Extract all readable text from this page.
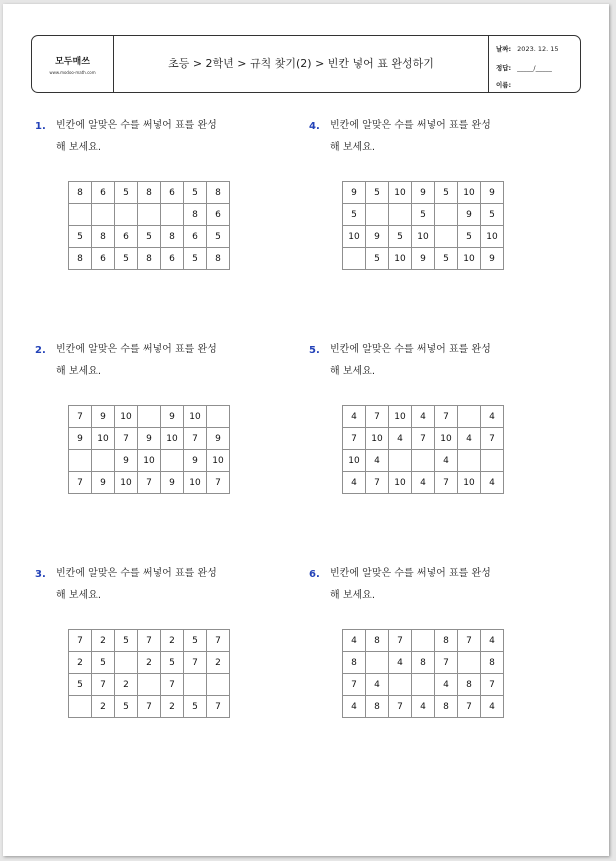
모두매쓰
www.modoo-math.com
초등 > 2학년 > 규칙 찾기(2) > 빈칸 넣어 표 완성하기
날짜: 2023. 12. 15
정답: _____/_____
이름:
1. 빈칸에 알맞은 수를 써넣어 표를 완성
해 보세요.
8	6	5	8	6	5	8
					8	6
5	8	6	5	8	6	5
8	6	5	8	6	5	8
4. 빈칸에 알맞은 수를 써넣어 표를 완성
해 보세요.
9	5	10	9	5	10	9
5			5		9	5
10	9	5	10		5	10
	5	10	9	5	10	9
2. 빈칸에 알맞은 수를 써넣어 표를 완성
해 보세요.
7	9	10		9	10	
9	10	7	9	10	7	9
		9	10		9	10
7	9	10	7	9	10	7
5. 빈칸에 알맞은 수를 써넣어 표를 완성
해 보세요.
4	7	10	4	7		4
7	10	4	7	10	4	7
10	4			4		
4	7	10	4	7	10	4
3. 빈칸에 알맞은 수를 써넣어 표를 완성
해 보세요.
7	2	5	7	2	5	7
2	5		2	5	7	2
5	7	2		7		
	2	5	7	2	5	7
6. 빈칸에 알맞은 수를 써넣어 표를 완성
해 보세요.
4	8	7		8	7	4
8		4	8	7		8
7	4			4	8	7
4	8	7	4	8	7	4
